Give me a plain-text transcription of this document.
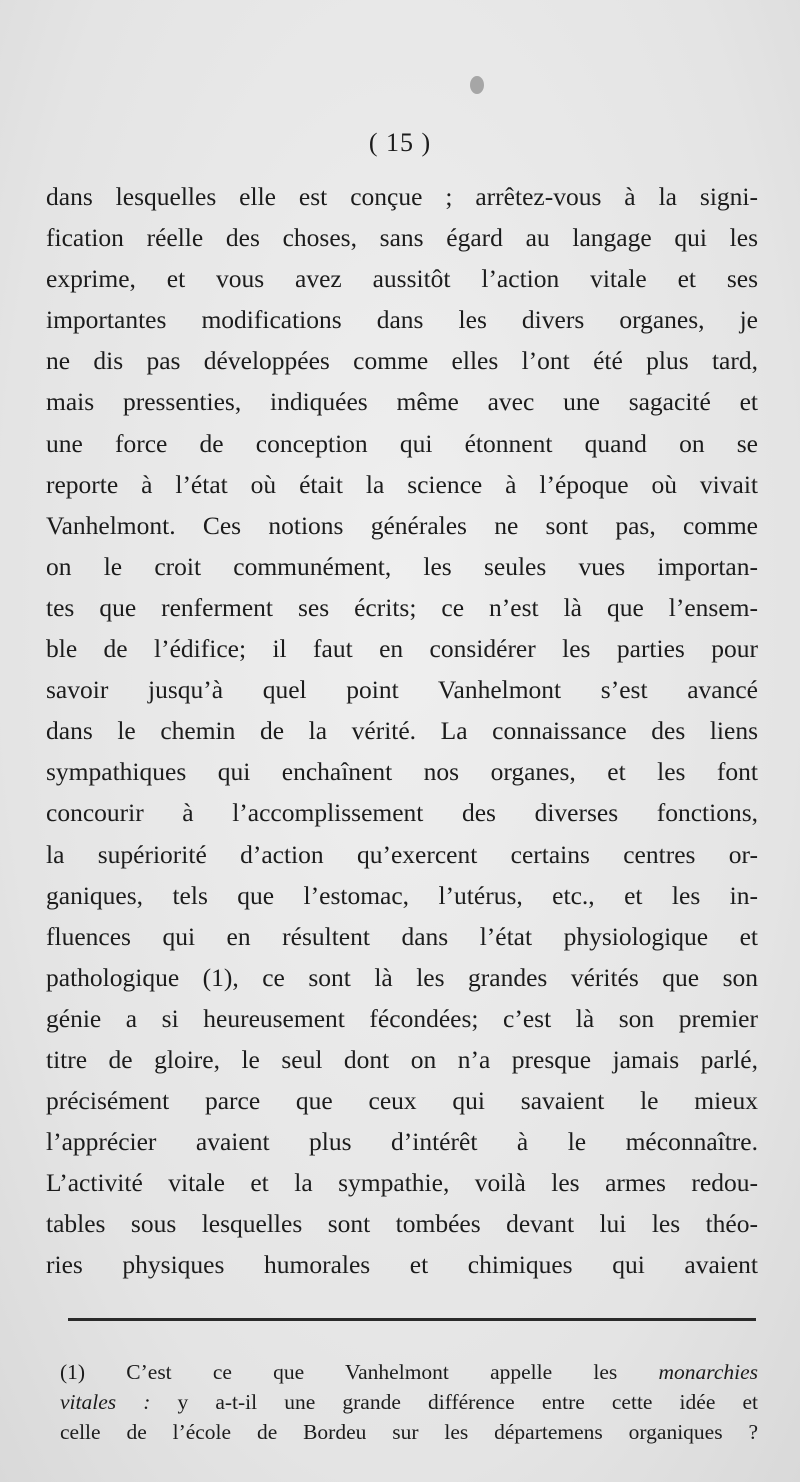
( 15 )
dans lesquelles elle est conçue ; arrêtez-vous à la signi-
fication réelle des choses, sans égard au langage qui les
exprime, et vous avez aussitôt l’action vitale et ses
importantes modifications dans les divers organes, je
ne dis pas développées comme elles l’ont été plus tard,
mais pressenties, indiquées même avec une sagacité et
une force de conception qui étonnent quand on se
reporte à l’état où était la science à l’époque où vivait
Vanhelmont. Ces notions générales ne sont pas, comme
on le croit communément, les seules vues importan-
tes que renferment ses écrits; ce n’est là que l’ensem-
ble de l’édifice; il faut en considérer les parties pour
savoir jusqu’à quel point Vanhelmont s’est avancé
dans le chemin de la vérité. La connaissance des liens
sympathiques qui enchaînent nos organes, et les font
concourir à l’accomplissement des diverses fonctions,
la supériorité d’action qu’exercent certains centres or-
ganiques, tels que l’estomac, l’utérus, etc., et les in-
fluences qui en résultent dans l’état physiologique et
pathologique (1), ce sont là les grandes vérités que son
génie a si heureusement fécondées; c’est là son premier
titre de gloire, le seul dont on n’a presque jamais parlé,
précisément parce que ceux qui savaient le mieux
l’apprécier avaient plus d’intérêt à le méconnaître.
L’activité vitale et la sympathie, voilà les armes redou-
tables sous lesquelles sont tombées devant lui les théo-
ries physiques humorales et chimiques qui avaient
(1) C’est ce que Vanhelmont appelle les monarchies
vitales : y a-t-il une grande différence entre cette idée et
celle de l’école de Bordeu sur les départemens organiques ?
